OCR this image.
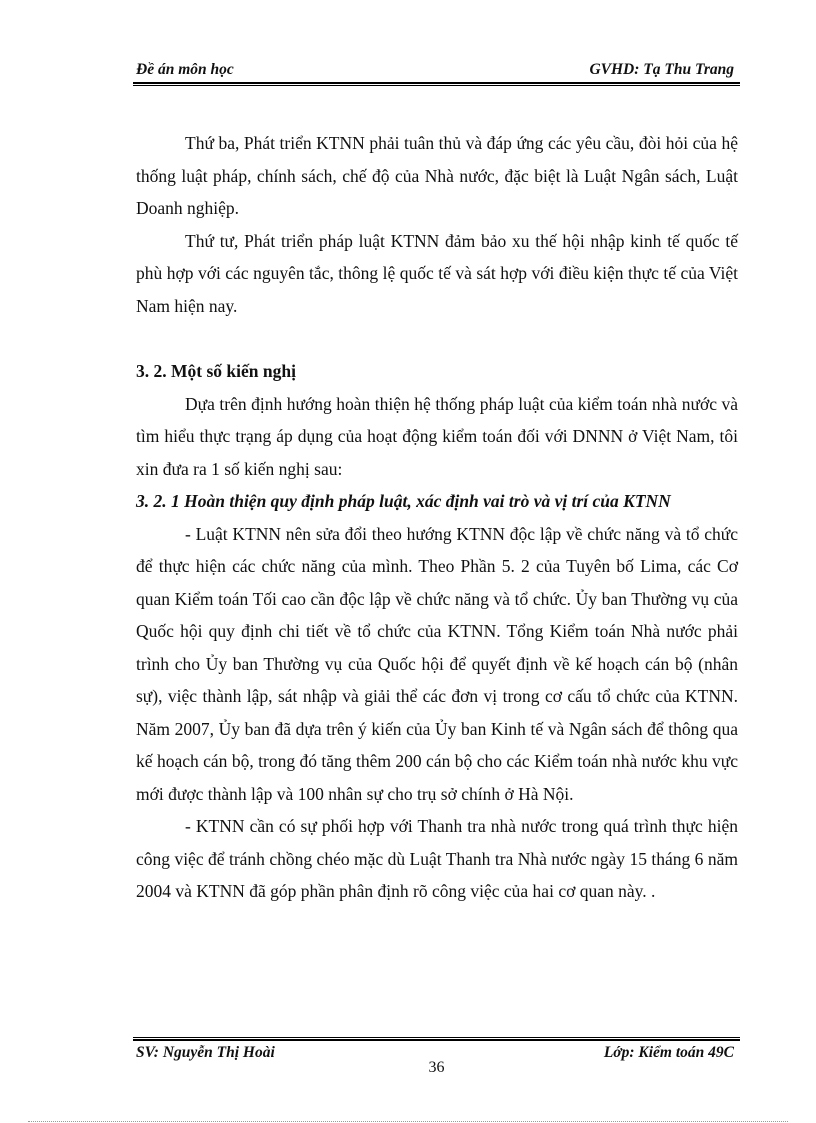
Đề án môn học	GVHD: Tạ Thu Trang

Thứ ba, Phát triển KTNN phải tuân thủ và đáp ứng các yêu cầu, đòi hỏi của hệ thống luật pháp, chính sách, chế độ của Nhà nước, đặc biệt là Luật Ngân sách, Luật Doanh nghiệp.

Thứ tư, Phát triển pháp luật KTNN đảm bảo xu thế hội nhập kinh tế quốc tế phù hợp với các nguyên tắc, thông lệ quốc tế và sát hợp với điều kiện thực tế của Việt Nam hiện nay.

3. 2. Một số kiến nghị

Dựa trên định hướng hoàn thiện hệ thống pháp luật của kiểm toán nhà nước và tìm hiểu thực trạng áp dụng của hoạt động kiểm toán đối với DNNN ở Việt Nam, tôi xin đưa ra 1 số kiến nghị sau:

3. 2. 1 Hoàn thiện quy định pháp luật, xác định vai trò và vị trí của KTNN

- Luật KTNN nên sửa đổi theo hướng KTNN độc lập về chức năng và tổ chức để thực hiện các chức năng của mình. Theo Phần 5. 2 của Tuyên bố Lima, các Cơ quan Kiểm toán Tối cao cần độc lập về chức năng và tổ chức. Ủy ban Thường vụ của Quốc hội quy định chi tiết về tổ chức của KTNN. Tổng Kiểm toán Nhà nước phải trình cho Ủy ban Thường vụ của Quốc hội để quyết định về kế hoạch cán bộ (nhân sự), việc thành lập, sát nhập và giải thể các đơn vị trong cơ cấu tổ chức của KTNN. Năm 2007, Ủy ban đã dựa trên ý kiến của Ủy ban Kinh tế và Ngân sách để thông qua kế hoạch cán bộ, trong đó tăng thêm 200 cán bộ cho các Kiểm toán nhà nước khu vực mới được thành lập và 100 nhân sự cho trụ sở chính ở Hà Nội.

- KTNN cần có sự phối hợp với Thanh tra nhà nước trong quá trình thực hiện công việc để tránh chồng chéo mặc dù Luật Thanh tra Nhà nước ngày 15 tháng 6 năm 2004 và KTNN đã góp phần phân định rõ công việc của hai cơ quan này. .

SV: Nguyễn Thị Hoài	Lớp: Kiểm toán 49C
36
